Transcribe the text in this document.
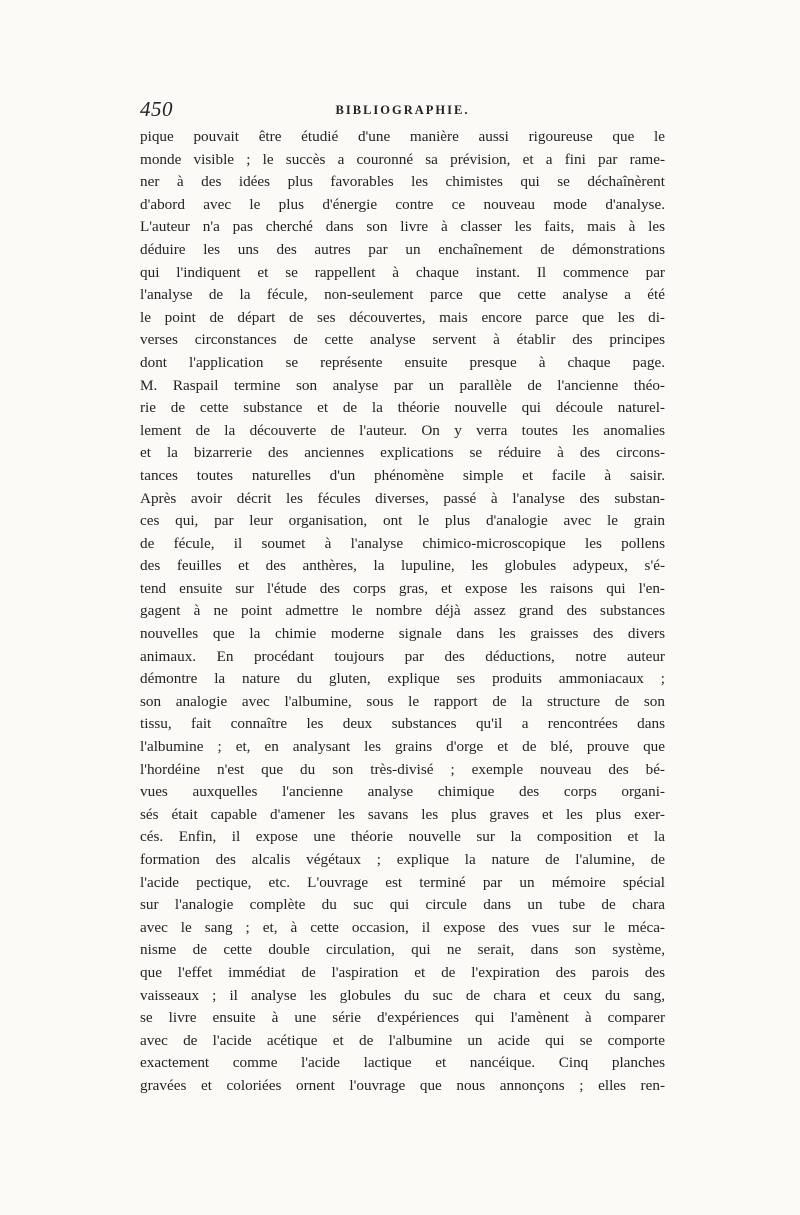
450	BIBLIOGRAPHIE.
pique pouvait être étudié d'une manière aussi rigoureuse que le
monde visible ; le succès a couronné sa prévision, et a fini par rame-
ner à des idées plus favorables les chimistes qui se déchaînèrent
d'abord avec le plus d'énergie contre ce nouveau mode d'analyse.
L'auteur n'a pas cherché dans son livre à classer les faits, mais à les
déduire les uns des autres par un enchaînement de démonstrations
qui l'indiquent et se rappellent à chaque instant. Il commence par
l'analyse de la fécule, non-seulement parce que cette analyse a été
le point de départ de ses découvertes, mais encore parce que les di-
verses circonstances de cette analyse servent à établir des principes
dont l'application se représente ensuite presque à chaque page.
M. Raspail termine son analyse par un parallèle de l'ancienne théo-
rie de cette substance et de la théorie nouvelle qui découle naturel-
lement de la découverte de l'auteur. On y verra toutes les anomalies
et la bizarrerie des anciennes explications se réduire à des circons-
tances toutes naturelles d'un phénomène simple et facile à saisir.
Après avoir décrit les fécules diverses, passé à l'analyse des substan-
ces qui, par leur organisation, ont le plus d'analogie avec le grain
de fécule, il soumet à l'analyse chimico-microscopique les pollens
des feuilles et des anthères, la lupuline, les globules adypeux, s'é-
tend ensuite sur l'étude des corps gras, et expose les raisons qui l'en-
gagent à ne point admettre le nombre déjà assez grand des substances
nouvelles que la chimie moderne signale dans les graisses des divers
animaux. En procédant toujours par des déductions, notre auteur
démontre la nature du gluten, explique ses produits ammoniacaux ;
son analogie avec l'albumine, sous le rapport de la structure de son
tissu, fait connaître les deux substances qu'il a rencontrées dans
l'albumine ; et, en analysant les grains d'orge et de blé, prouve que
l'hordéine n'est que du son très-divisé ; exemple nouveau des bé-
vues auxquelles l'ancienne analyse chimique des corps organi-
sés était capable d'amener les savans les plus graves et les plus exer-
cés. Enfin, il expose une théorie nouvelle sur la composition et la
formation des alcalis végétaux ; explique la nature de l'alumine, de
l'acide pectique, etc. L'ouvrage est terminé par un mémoire spécial
sur l'analogie complète du suc qui circule dans un tube de chara
avec le sang ; et, à cette occasion, il expose des vues sur le méca-
nisme de cette double circulation, qui ne serait, dans son système,
que l'effet immédiat de l'aspiration et de l'expiration des parois des
vaisseaux ; il analyse les globules du suc de chara et ceux du sang,
se livre ensuite à une série d'expériences qui l'amènent à comparer
avec de l'acide acétique et de l'albumine un acide qui se comporte
exactement comme l'acide lactique et nancéique. Cinq planches
gravées et coloriées ornent l'ouvrage que nous annonçons ; elles ren-
